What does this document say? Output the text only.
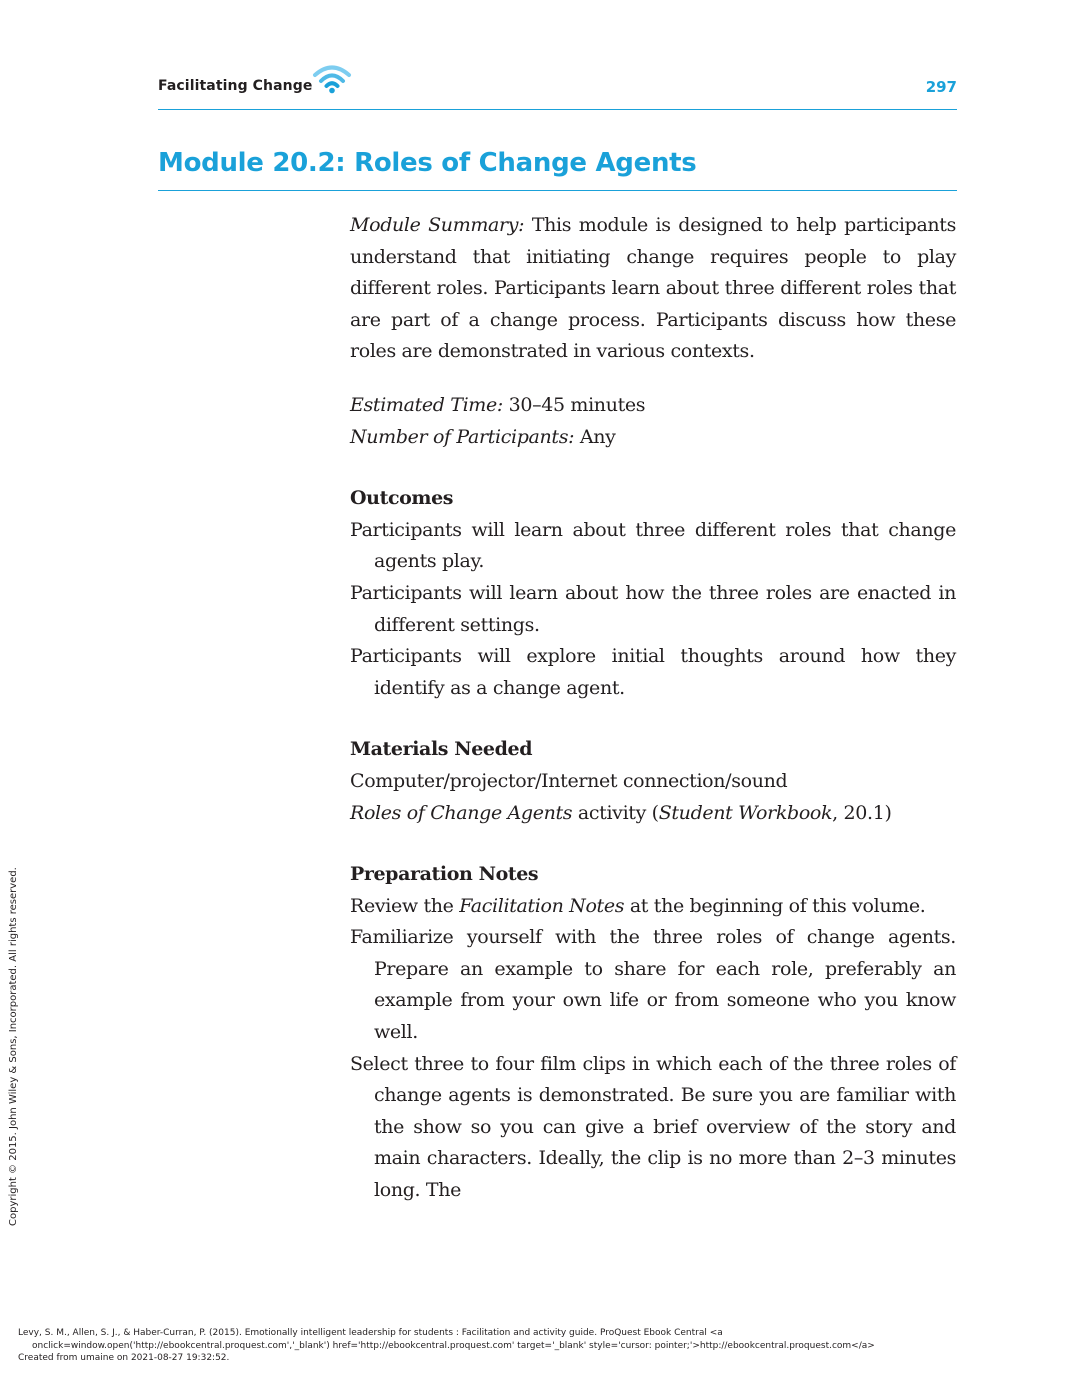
Facilitating Change	297
Module 20.2: Roles of Change Agents

Module Summary: This module is designed to help participants understand that initiating change requires people to play different roles. Participants learn about three different roles that are part of a change process. Participants discuss how these roles are demonstrated in various contexts.

Estimated Time: 30–45 minutes

Number of Participants: Any

Outcomes

Participants will learn about three different roles that change agents play.

Participants will learn about how the three roles are enacted in different settings.

Participants will explore initial thoughts around how they identify as a change agent.

Materials Needed

Computer/projector/Internet connection/sound

Roles of Change Agents activity (Student Workbook, 20.1)

Preparation Notes

Review the Facilitation Notes at the beginning of this volume.

Familiarize yourself with the three roles of change agents. Prepare an example to share for each role, preferably an example from your own life or from someone who you know well.

Select three to four film clips in which each of the three roles of change agents is demonstrated. Be sure you are familiar with the show so you can give a brief overview of the story and main characters. Ideally, the clip is no more than 2–3 minutes long. The

Copyright © 2015. John Wiley & Sons, Incorporated. All rights reserved.
Levy, S. M., Allen, S. J., & Haber-Curran, P. (2015). Emotionally intelligent leadership for students : Facilitation and activity guide. ProQuest Ebook Central <a
onclick=window.open('http://ebookcentral.proquest.com','_blank') href='http://ebookcentral.proquest.com' target='_blank' style='cursor: pointer;'>http://ebookcentral.proquest.com</a>
Created from umaine on 2021-08-27 19:32:52.
